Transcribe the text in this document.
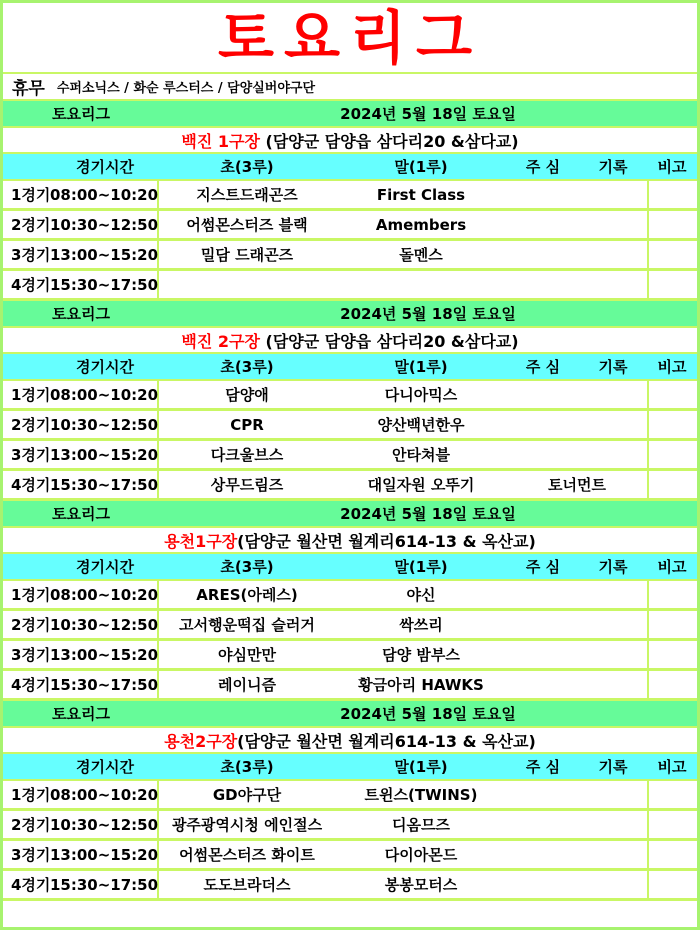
토요리그
휴무 수퍼소닉스 / 화순 루스터스 / 담양실버야구단
토요리그	2024년 5월 18일 토요일
백진 1구장 (담양군 담양읍 삼다리20 &삼다교)
경기시간	초(3루)	말(1루)	주 심	기록	비고
1경기 08:00~10:20	지스트드래곤즈	First Class
2경기 10:30~12:50	어썸몬스터즈 블랙	Amembers
3경기 13:00~15:20	밀담 드래곤즈	돌멘스
4경기 15:30~17:50
토요리그	2024년 5월 18일 토요일
백진 2구장 (담양군 담양읍 삼다리20 &삼다교)
경기시간	초(3루)	말(1루)	주 심	기록	비고
1경기 08:00~10:20	담양애	다니아믹스
2경기 10:30~12:50	CPR	양산백년한우
3경기 13:00~15:20	다크울브스	안타쳐블
4경기 15:30~17:50	상무드림즈	대일자원 오뚜기	토너먼트
토요리그	2024년 5월 18일 토요일
용천1구장 (담양군 월산면 월계리614-13 & 옥산교)
경기시간	초(3루)	말(1루)	주 심	기록	비고
1경기 08:00~10:20	ARES(아레스)	야신
2경기 10:30~12:50	고서행운떡집 슬러거	싹쓰리
3경기 13:00~15:20	야심만만	담양 밤부스
4경기 15:30~17:50	레이니즘	황금아리 HAWKS
토요리그	2024년 5월 18일 토요일
용천2구장 (담양군 월산면 월계리614-13 & 옥산교)
경기시간	초(3루)	말(1루)	주 심	기록	비고
1경기 08:00~10:20	GD야구단	트윈스(TWINS)
2경기 10:30~12:50 광주광역시청 에인절스	디옴므즈
3경기 13:00~15:20	어썸몬스터즈 화이트	다이아몬드
4경기 15:30~17:50	도도브라더스	봉봉모터스
